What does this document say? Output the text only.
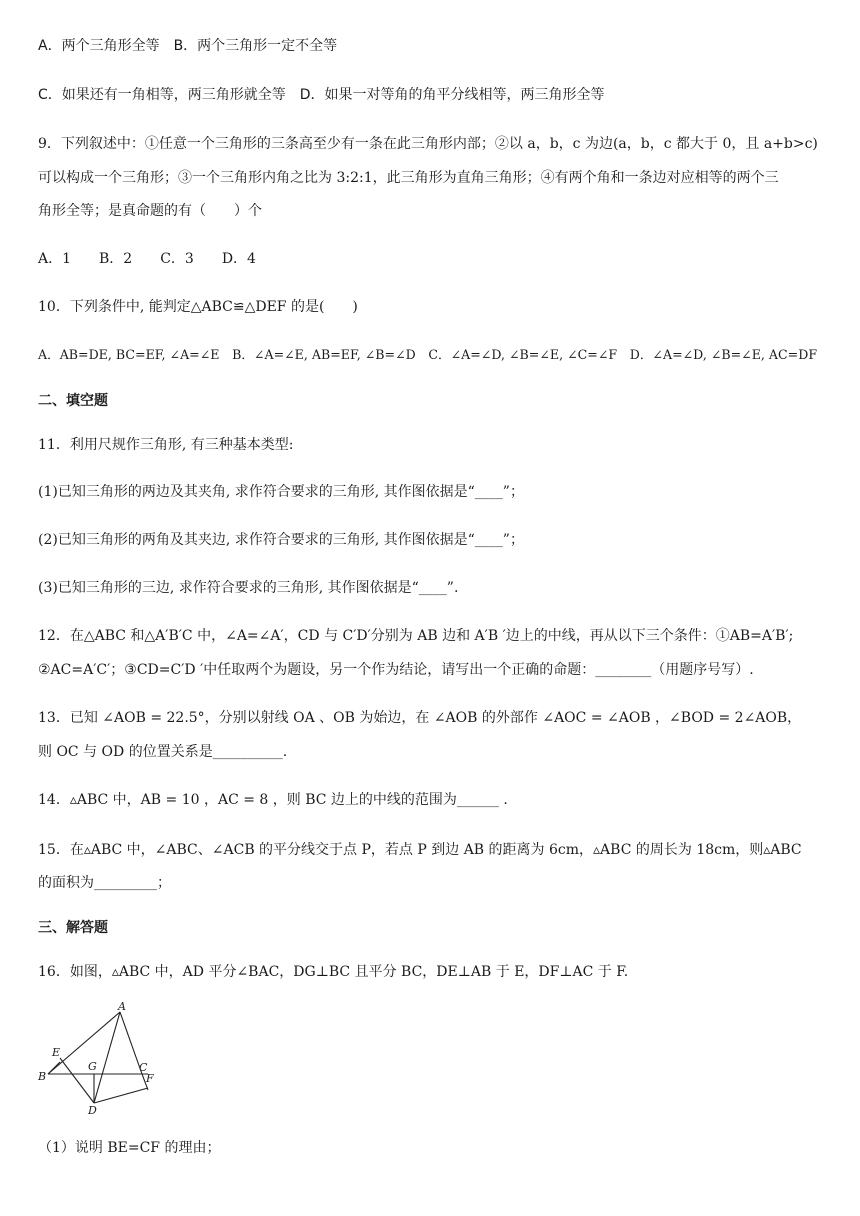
A．两个三角形全等　B．两个三角形一定不全等
C．如果还有一角相等，两三角形就全等　D．如果一对等角的角平分线相等，两三角形全等
9．下列叙述中：①任意一个三角形的三条高至少有一条在此三角形内部；②以 a，b，c 为边(a，b，c 都大于 0，且 a+b>c)
可以构成一个三角形；③一个三角形内角之比为 3:2:1，此三角形为直角三角形；④有两个角和一条边对应相等的两个三
角形全等；是真命题的有（　　）个
A．1　　B．2　　C．3　　D．4
10．下列条件中, 能判定△ABC≌△DEF 的是(　　)
A．AB=DE, BC=EF, ∠A=∠E　B．∠A=∠E, AB=EF, ∠B=∠D　C．∠A=∠D, ∠B=∠E, ∠C=∠F　D．∠A=∠D, ∠B=∠E, AC=DF
二、填空题
11．利用尺规作三角形, 有三种基本类型:
(1)已知三角形的两边及其夹角, 求作符合要求的三角形, 其作图依据是“____”；
(2)已知三角形的两角及其夹边, 求作符合要求的三角形, 其作图依据是“____”；
(3)已知三角形的三边, 求作符合要求的三角形, 其作图依据是“____”.
12．在△ABC 和△A′B′C 中，∠A=∠A′，CD 与 C′D′分别为 AB 边和 A′B ′边上的中线，再从以下三个条件：①AB=A′B′;
②AC=A′C′；③CD=C′D ′中任取两个为题设，另一个作为结论，请写出一个正确的命题：________（用题序号写）.
13．已知 ∠AOB = 22.5°，分别以射线 OA 、OB 为始边，在 ∠AOB 的外部作 ∠AOC = ∠AOB ，∠BOD = 2∠AOB，
则 OC 与 OD 的位置关系是__________.
14．▵ABC 中，AB = 10 ，AC = 8 ，则 BC 边上的中线的范围为______ .
15．在▵ABC 中，∠ABC、∠ACB 的平分线交于点 P，若点 P 到边 AB 的距离为 6cm，▵ABC 的周长为 18cm，则▵ABC
的面积为_________；
三、解答题
16．如图，▵ABC 中，AD 平分∠BAC，DG⊥BC 且平分 BC，DE⊥AB 于 E，DF⊥AC 于 F.
A
E
B
G	C
F
D
（1）说明 BE=CF 的理由；
